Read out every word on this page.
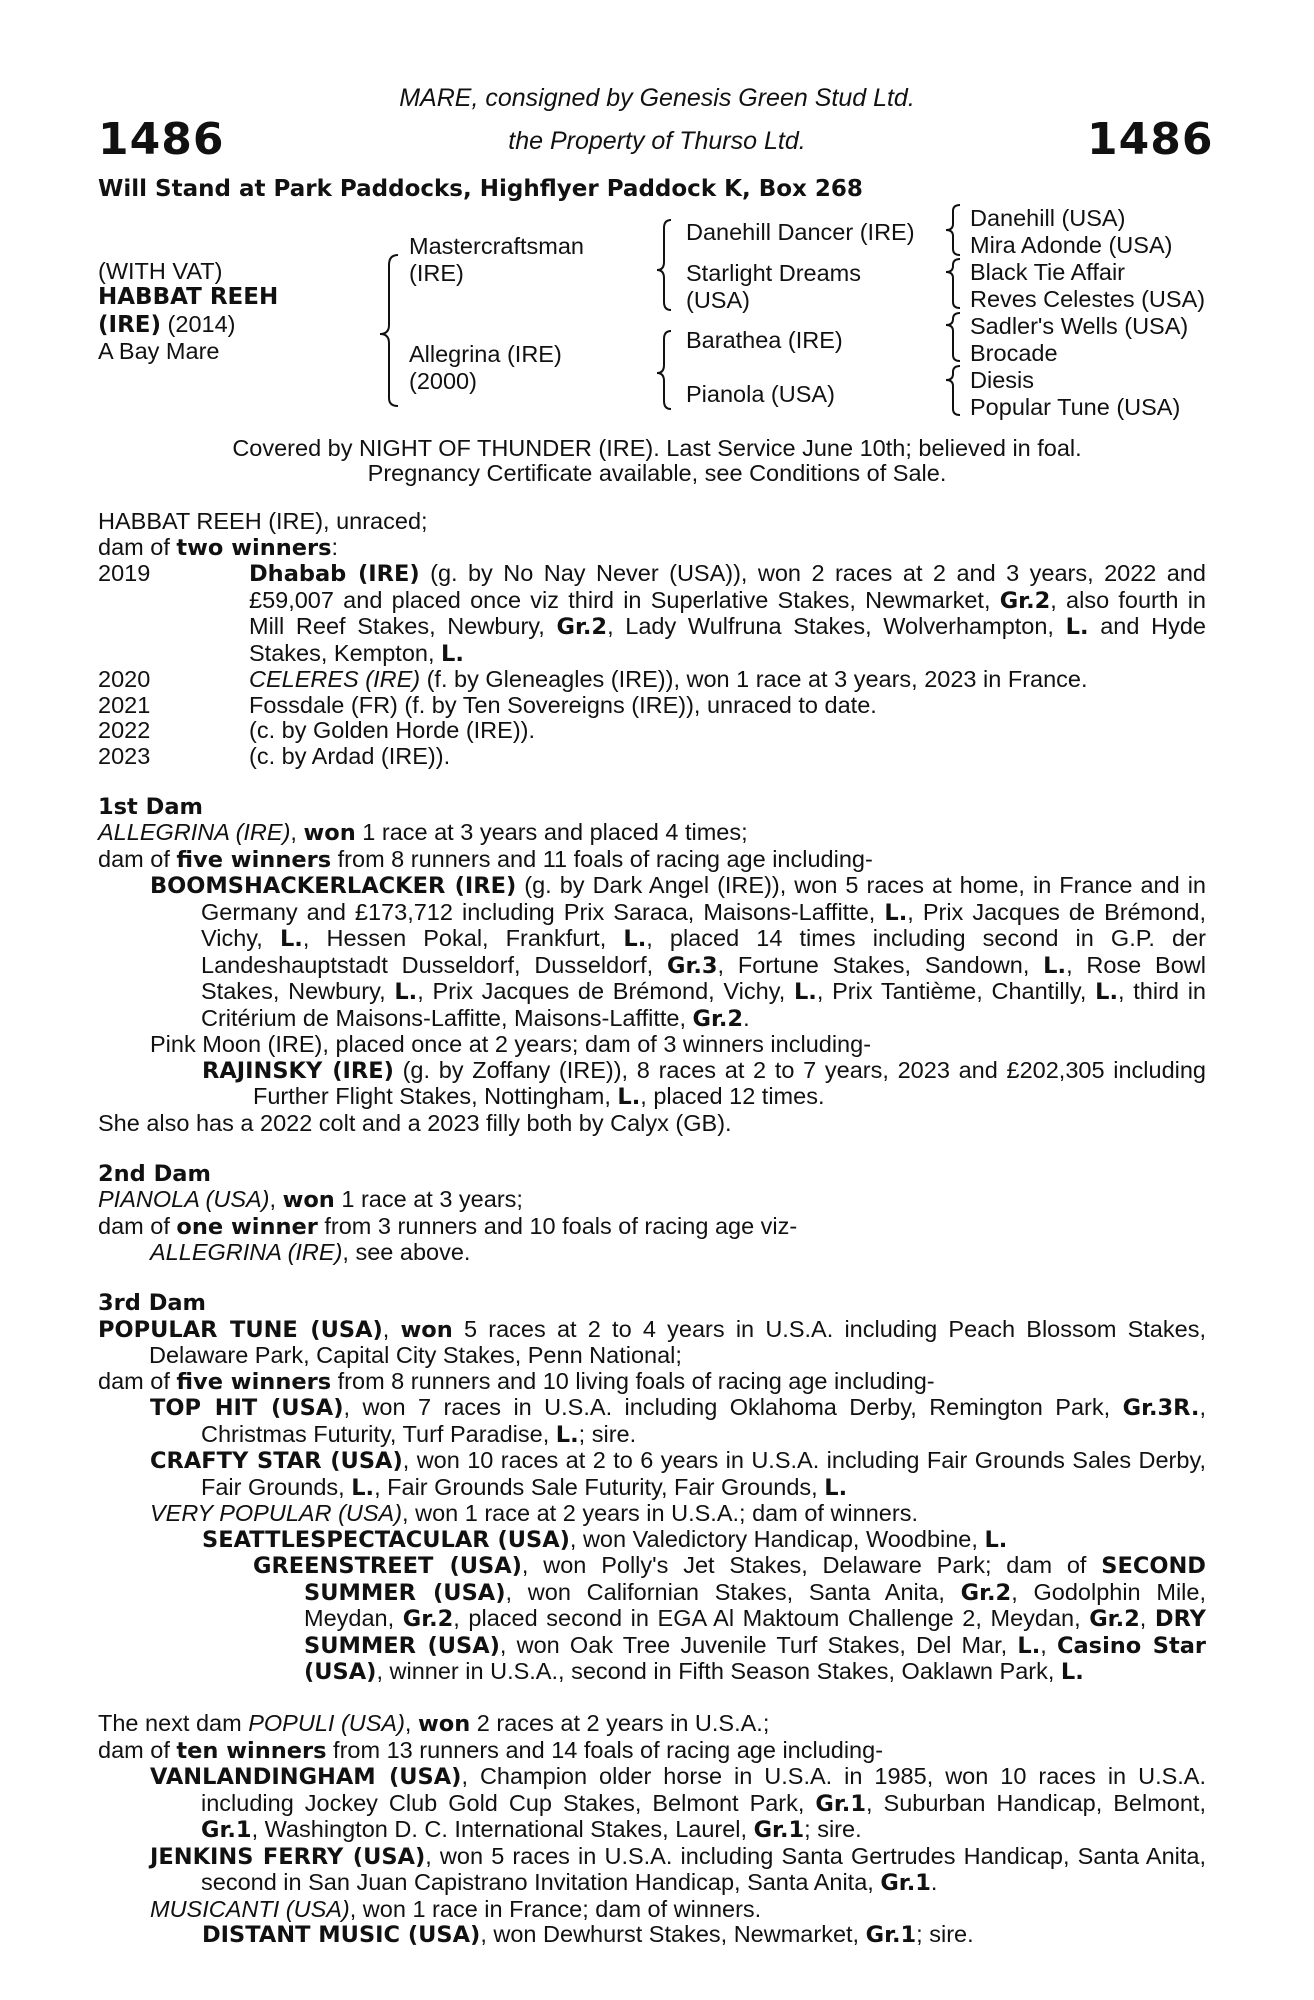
1486	1486
MARE, consigned by Genesis Green Stud Ltd.
the Property of Thurso Ltd.
Will Stand at Park Paddocks, Highflyer Paddock K, Box 268
(WITH VAT)
HABBAT REEH
(IRE) (2014)
A Bay Mare
Mastercraftsman
(IRE)
Allegrina (IRE)
(2000)
Danehill Dancer (IRE)
Starlight Dreams
(USA)
Barathea (IRE)
Pianola (USA)
Danehill (USA)
Mira Adonde (USA)
Black Tie Affair
Reves Celestes (USA)
Sadler's Wells (USA)
Brocade
Diesis
Popular Tune (USA)
Covered by NIGHT OF THUNDER (IRE). Last Service June 10th; believed in foal.
Pregnancy Certificate available, see Conditions of Sale.

HABBAT REEH (IRE), unraced;

dam of two winners:

2019	Dhabab (IRE) (g. by No Nay Never (USA)), won 2 races at 2 and 3 years, 2022 and £59,007 and placed once viz third in Superlative Stakes, Newmarket, Gr.2, also fourth in Mill Reef Stakes, Newbury, Gr.2, Lady Wulfruna Stakes, Wolverhampton, L. and Hyde Stakes, Kempton, L.
2020	CELERES (IRE) (f. by Gleneagles (IRE)), won 1 race at 3 years, 2023 in France.
2021	Fossdale (FR) (f. by Ten Sovereigns (IRE)), unraced to date.
2022	(c. by Golden Horde (IRE)).
2023	(c. by Ardad (IRE)).

1st Dam

ALLEGRINA (IRE), won 1 race at 3 years and placed 4 times;

dam of five winners from 8 runners and 11 foals of racing age including-

BOOMSHACKERLACKER (IRE) (g. by Dark Angel (IRE)), won 5 races at home, in France and in Germany and £173,712 including Prix Saraca, Maisons-Laffitte, L., Prix Jacques de Brémond, Vichy, L., Hessen Pokal, Frankfurt, L., placed 14 times including second in G.P. der Landeshauptstadt Dusseldorf, Dusseldorf, Gr.3, Fortune Stakes, Sandown, L., Rose Bowl Stakes, Newbury, L., Prix Jacques de Brémond, Vichy, L., Prix Tantième, Chantilly, L., third in Critérium de Maisons-Laffitte, Maisons-Laffitte, Gr.2.

Pink Moon (IRE), placed once at 2 years; dam of 3 winners including-

RAJINSKY (IRE) (g. by Zoffany (IRE)), 8 races at 2 to 7 years, 2023 and £202,305 including Further Flight Stakes, Nottingham, L., placed 12 times.

She also has a 2022 colt and a 2023 filly both by Calyx (GB).

2nd Dam

PIANOLA (USA), won 1 race at 3 years;

dam of one winner from 3 runners and 10 foals of racing age viz-

ALLEGRINA (IRE), see above.

3rd Dam

POPULAR TUNE (USA), won 5 races at 2 to 4 years in U.S.A. including Peach Blossom Stakes, Delaware Park, Capital City Stakes, Penn National;

dam of five winners from 8 runners and 10 living foals of racing age including-

TOP HIT (USA), won 7 races in U.S.A. including Oklahoma Derby, Remington Park, Gr.3R., Christmas Futurity, Turf Paradise, L.; sire.

CRAFTY STAR (USA), won 10 races at 2 to 6 years in U.S.A. including Fair Grounds Sales Derby, Fair Grounds, L., Fair Grounds Sale Futurity, Fair Grounds, L.

VERY POPULAR (USA), won 1 race at 2 years in U.S.A.; dam of winners.

SEATTLESPECTACULAR (USA), won Valedictory Handicap, Woodbine, L.

GREENSTREET (USA), won Polly's Jet Stakes, Delaware Park; dam of SECOND SUMMER (USA), won Californian Stakes, Santa Anita, Gr.2, Godolphin Mile, Meydan, Gr.2, placed second in EGA Al Maktoum Challenge 2, Meydan, Gr.2, DRY SUMMER (USA), won Oak Tree Juvenile Turf Stakes, Del Mar, L., Casino Star (USA), winner in U.S.A., second in Fifth Season Stakes, Oaklawn Park, L.

The next dam POPULI (USA), won 2 races at 2 years in U.S.A.;

dam of ten winners from 13 runners and 14 foals of racing age including-

VANLANDINGHAM (USA), Champion older horse in U.S.A. in 1985, won 10 races in U.S.A. including Jockey Club Gold Cup Stakes, Belmont Park, Gr.1, Suburban Handicap, Belmont, Gr.1, Washington D. C. International Stakes, Laurel, Gr.1; sire.

JENKINS FERRY (USA), won 5 races in U.S.A. including Santa Gertrudes Handicap, Santa Anita, second in San Juan Capistrano Invitation Handicap, Santa Anita, Gr.1.

MUSICANTI (USA), won 1 race in France; dam of winners.

DISTANT MUSIC (USA), won Dewhurst Stakes, Newmarket, Gr.1; sire.
